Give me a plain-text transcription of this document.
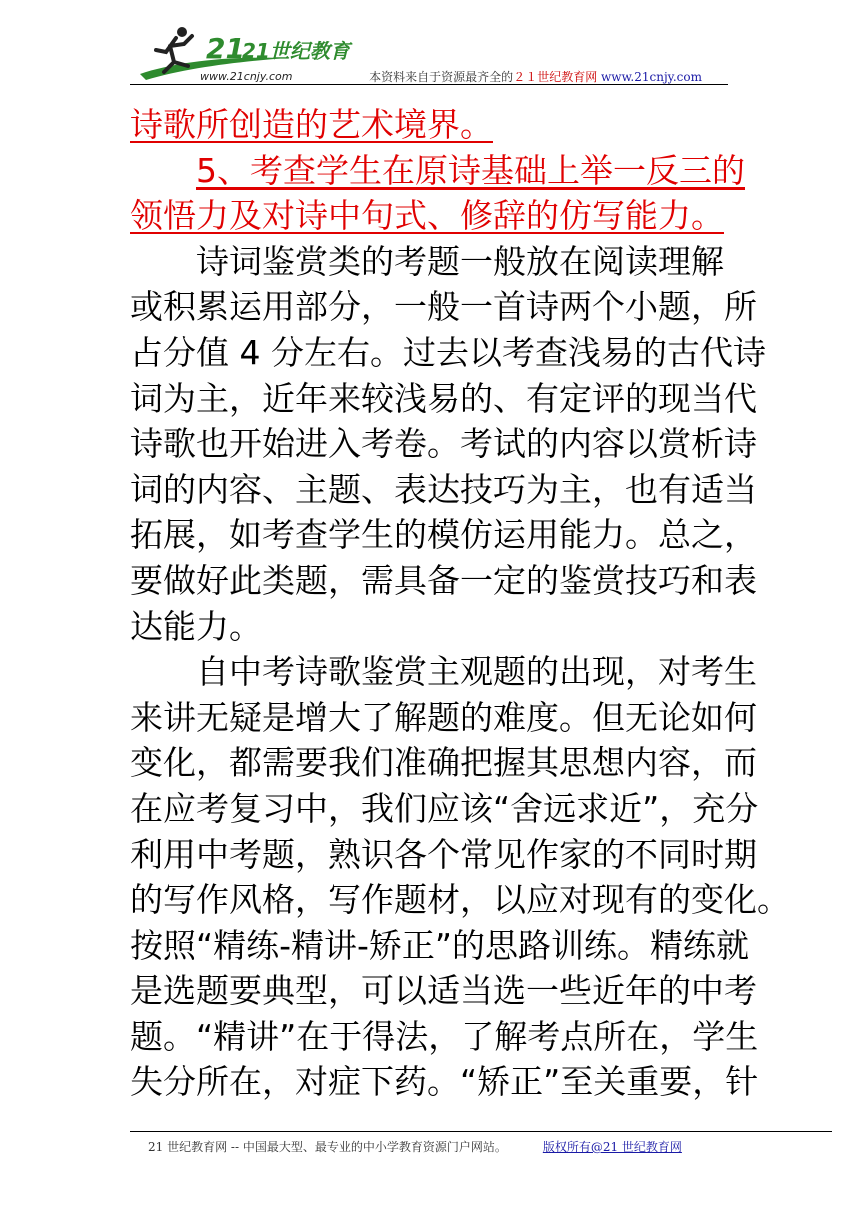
21
21世纪教育
www.21cnjy.com	本资料来自于资源最齐全的２１世纪教育网 www.21cnjy.com
诗歌所创造的艺术境界。
5、考查学生在原诗基础上举一反三的
领悟力及对诗中句式、修辞的仿写能力。
诗词鉴赏类的考题一般放在阅读理解
或积累运用部分，一般一首诗两个小题，所
占分值 4 分左右。过去以考查浅易的古代诗
词为主，近年来较浅易的、有定评的现当代
诗歌也开始进入考卷。考试的内容以赏析诗
词的内容、主题、表达技巧为主，也有适当
拓展，如考查学生的模仿运用能力。总之，
要做好此类题，需具备一定的鉴赏技巧和表
达能力。
自中考诗歌鉴赏主观题的出现，对考生
来讲无疑是增大了解题的难度。但无论如何
变化，都需要我们准确把握其思想内容，而
在应考复习中，我们应该“舍远求近”，充分
利用中考题，熟识各个常见作家的不同时期
的写作风格，写作题材，以应对现有的变化。
按照“精练-精讲-矫正”的思路训练。精练就
是选题要典型，可以适当选一些近年的中考
题。“精讲”在于得法，了解考点所在，学生
失分所在，对症下药。“矫正”至关重要，针
21 世纪教育网 -- 中国最大型、最专业的中小学教育资源门户网站。	版权所有@21 世纪教育网
